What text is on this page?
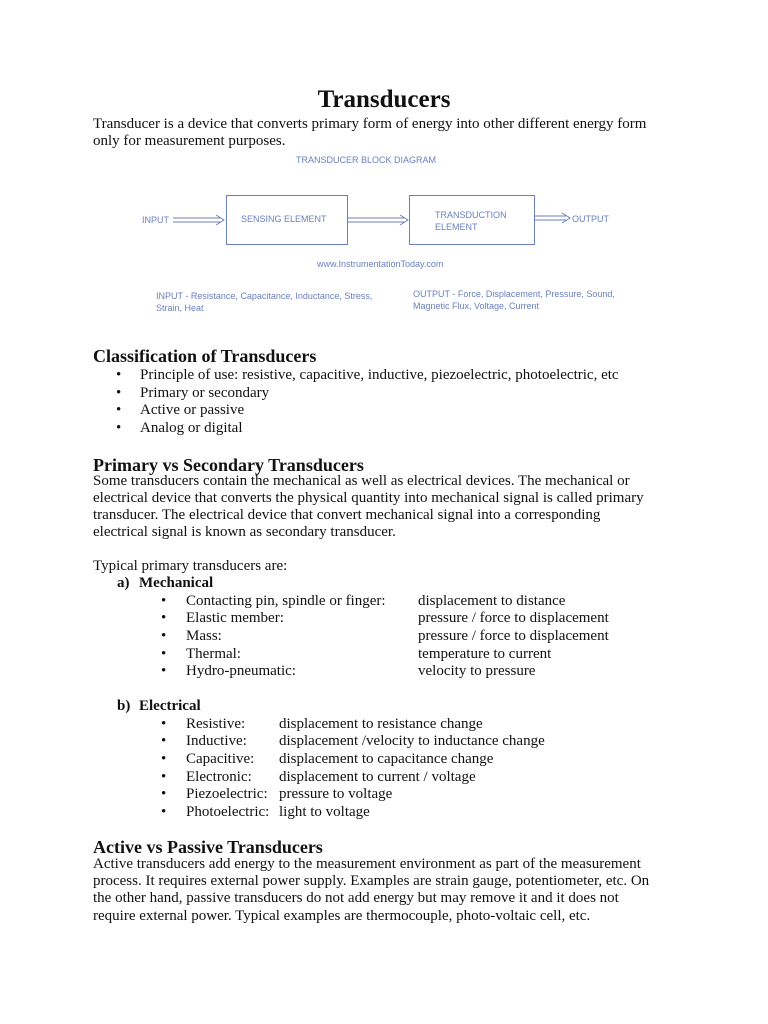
Transducers
Transducer is a device that converts primary form of energy into other different energy form
only for measurement purposes.
TRANSDUCER BLOCK DIAGRAM
INPUT	SENSING ELEMENT	TRANSDUCTION
ELEMENT
OUTPUT
www.InstrumentationToday.com
INPUT - Resistance, Capacitance, Inductance, Stress,
Strain, Heat
OUTPUT - Force, Displacement, Pressure, Sound,
Magnetic Flux, Voltage, Current
Classification of Transducers
• Principle of use: resistive, capacitive, inductive, piezoelectric, photoelectric, etc
• Primary or secondary
• Active or passive
• Analog or digital
Primary vs Secondary Transducers
Some transducers contain the mechanical as well as electrical devices. The mechanical or
electrical device that converts the physical quantity into mechanical signal is called primary
transducer. The electrical device that convert mechanical signal into a corresponding
electrical signal is known as secondary transducer.
Typical primary transducers are:
a) Mechanical
• Contacting pin, spindle or finger: displacement to distance
• Elastic member:	pressure / force to displacement
• Mass:	pressure / force to displacement
• Thermal:	temperature to current
• Hydro-pneumatic:	velocity to pressure
b) Electrical
• Resistive: displacement to resistance change
• Inductive: displacement /velocity to inductance change
• Capacitive: displacement to capacitance change
• Electronic: displacement to current / voltage
• Piezoelectric: pressure to voltage
• Photoelectric: light to voltage
Active vs Passive Transducers
Active transducers add energy to the measurement environment as part of the measurement
process. It requires external power supply. Examples are strain gauge, potentiometer, etc. On
the other hand, passive transducers do not add energy but may remove it and it does not
require external power. Typical examples are thermocouple, photo-voltaic cell, etc.
